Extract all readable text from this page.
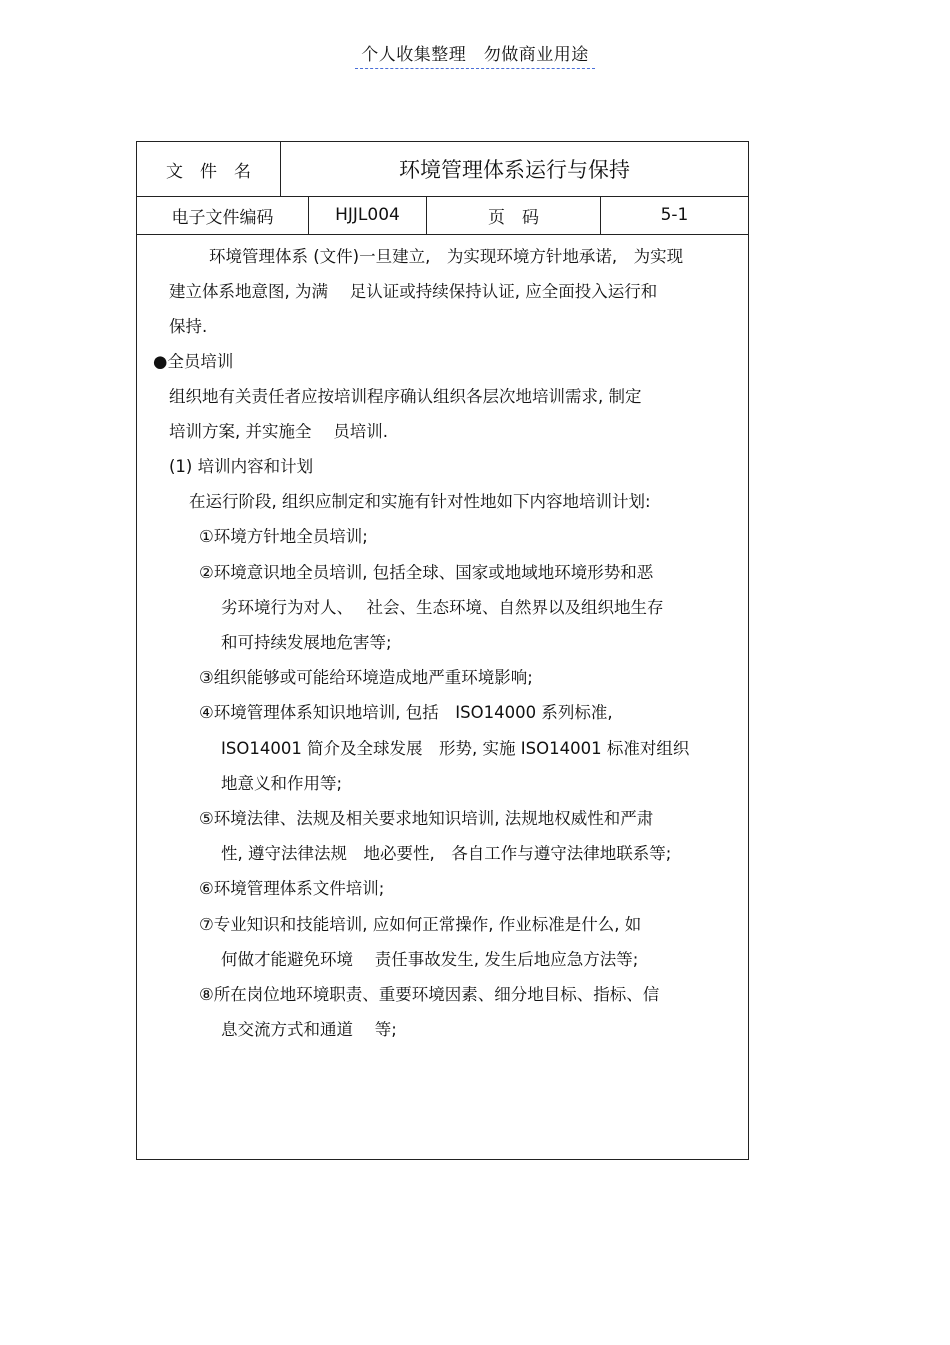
个人收集整理　勿做商业用途
文　件　名	环境管理体系运行与保持
电子文件编码	HJJL004	页　码	5-1
环境管理体系 (文件)一旦建立,　为实现环境方针地承诺,　为实现
建立体系地意图, 为满　 足认证或持续保持认证, 应全面投入运行和
保持.
●全员培训
组织地有关责任者应按培训程序确认组织各层次地培训需求, 制定
培训方案, 并实施全　 员培训.
(1) 培训内容和计划
在运行阶段, 组织应制定和实施有针对性地如下内容地培训计划:
①环境方针地全员培训;
②环境意识地全员培训, 包括全球、国家或地域地环境形势和恶
劣环境行为对人、　 社会、生态环境、自然界以及组织地生存
和可持续发展地危害等;
③组织能够或可能给环境造成地严重环境影响;
④环境管理体系知识地培训, 包括　ISO14000 系列标准,
ISO14001 简介及全球发展　形势, 实施 ISO14001 标准对组织
地意义和作用等;
⑤环境法律、法规及相关要求地知识培训, 法规地权威性和严肃
性, 遵守法律法规　地必要性,　各自工作与遵守法律地联系等;
⑥环境管理体系文件培训;
⑦专业知识和技能培训, 应如何正常操作, 作业标准是什么, 如
何做才能避免环境　 责任事故发生, 发生后地应急方法等;
⑧所在岗位地环境职责、重要环境因素、细分地目标、指标、信
息交流方式和通道　 等;
